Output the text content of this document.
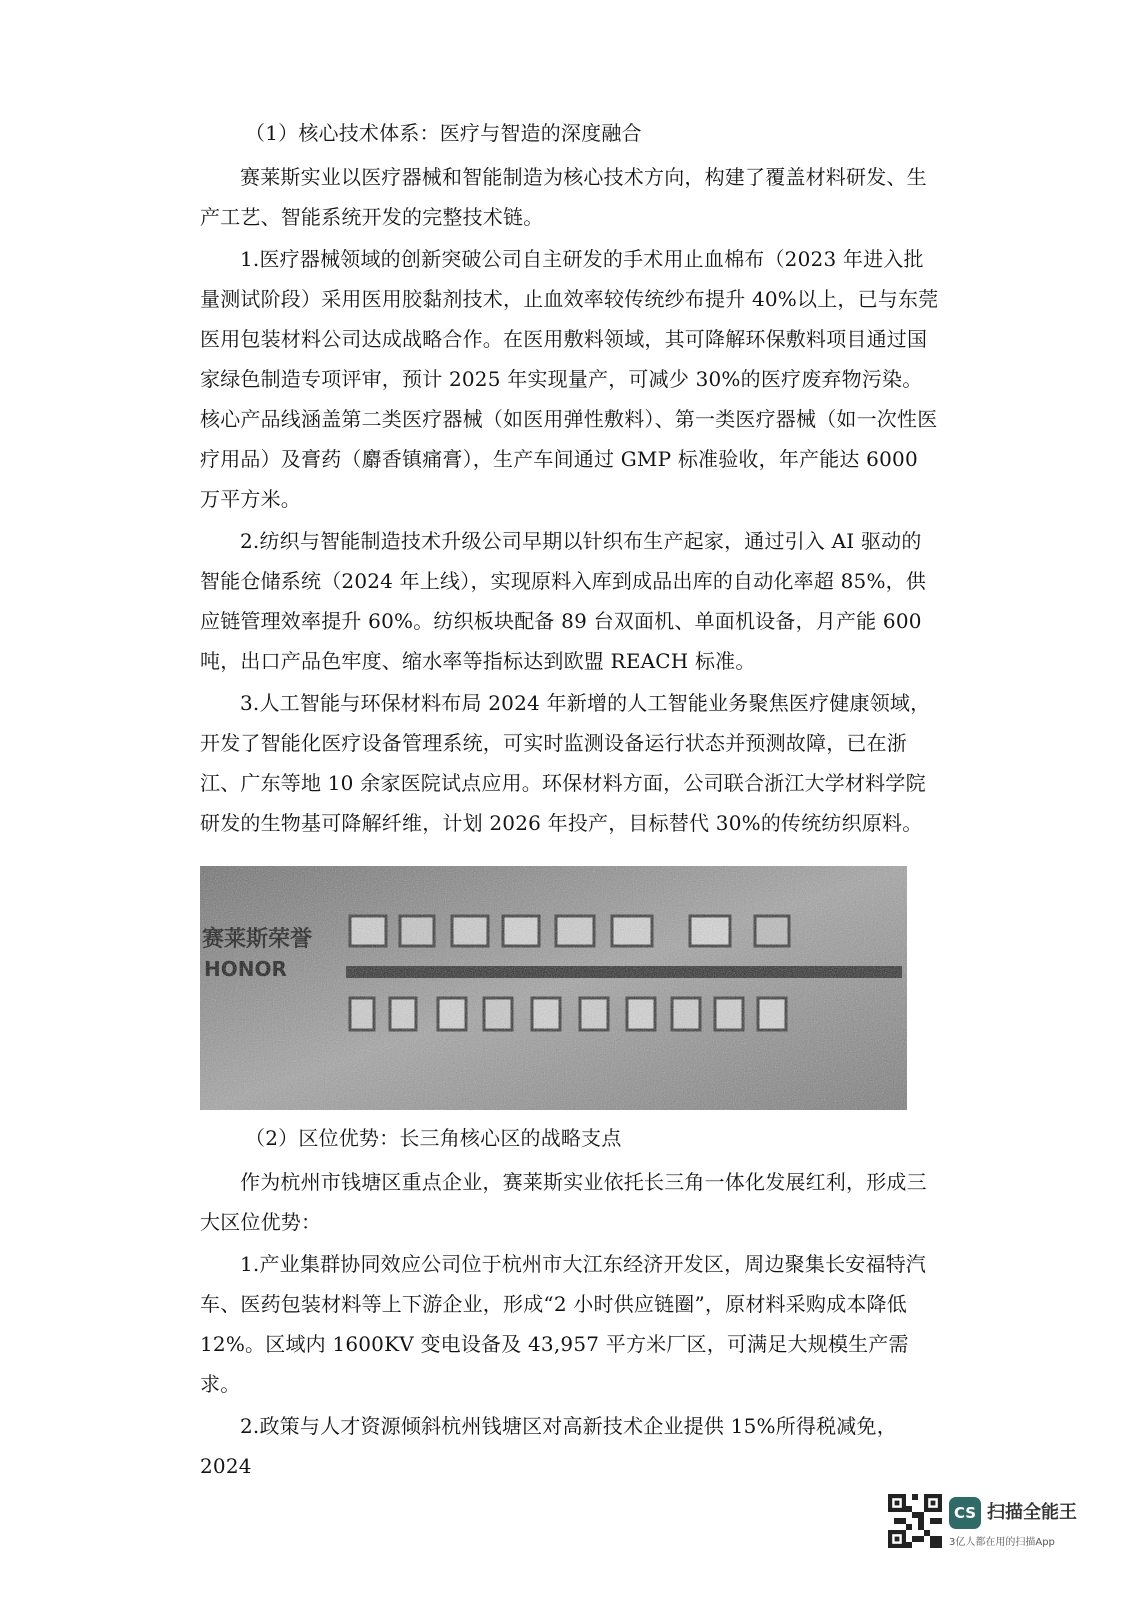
（1）核心技术体系：医疗与智造的深度融合

赛莱斯实业以医疗器械和智能制造为核心技术方向，构建了覆盖材料研发、生产工艺、智能系统开发的完整技术链。

1.医疗器械领域的创新突破公司自主研发的手术用止血棉布（2023 年进入批量测试阶段）采用医用胶黏剂技术，止血效率较传统纱布提升 40%以上，已与东莞医用包装材料公司达成战略合作。在医用敷料领域，其可降解环保敷料项目通过国家绿色制造专项评审，预计 2025 年实现量产，可减少 30%的医疗废弃物污染。核心产品线涵盖第二类医疗器械（如医用弹性敷料）、第一类医疗器械（如一次性医疗用品）及膏药（麝香镇痛膏），生产车间通过 GMP 标准验收，年产能达 6000 万平方米。

2.纺织与智能制造技术升级公司早期以针织布生产起家，通过引入 AI 驱动的智能仓储系统（2024 年上线），实现原料入库到成品出库的自动化率超 85%，供应链管理效率提升 60%。纺织板块配备 89 台双面机、单面机设备，月产能 600 吨，出口产品色牢度、缩水率等指标达到欧盟 REACH 标准。

3.人工智能与环保材料布局 2024 年新增的人工智能业务聚焦医疗健康领域，开发了智能化医疗设备管理系统，可实时监测设备运行状态并预测故障，已在浙江、广东等地 10 余家医院试点应用。环保材料方面，公司联合浙江大学材料学院研发的生物基可降解纤维，计划 2026 年投产，目标替代 30%的传统纺织原料。

（2）区位优势：长三角核心区的战略支点

作为杭州市钱塘区重点企业，赛莱斯实业依托长三角一体化发展红利，形成三大区位优势：

1.产业集群协同效应公司位于杭州市大江东经济开发区，周边聚集长安福特汽车、医药包装材料等上下游企业，形成“2 小时供应链圈”，原材料采购成本降低 12%。区域内 1600KV 变电设备及 43,957 平方米厂区，可满足大规模生产需求。

2.政策与人才资源倾斜杭州钱塘区对高新技术企业提供 15%所得税减免，2024

CS 扫描全能王
3亿人都在用的扫描App
